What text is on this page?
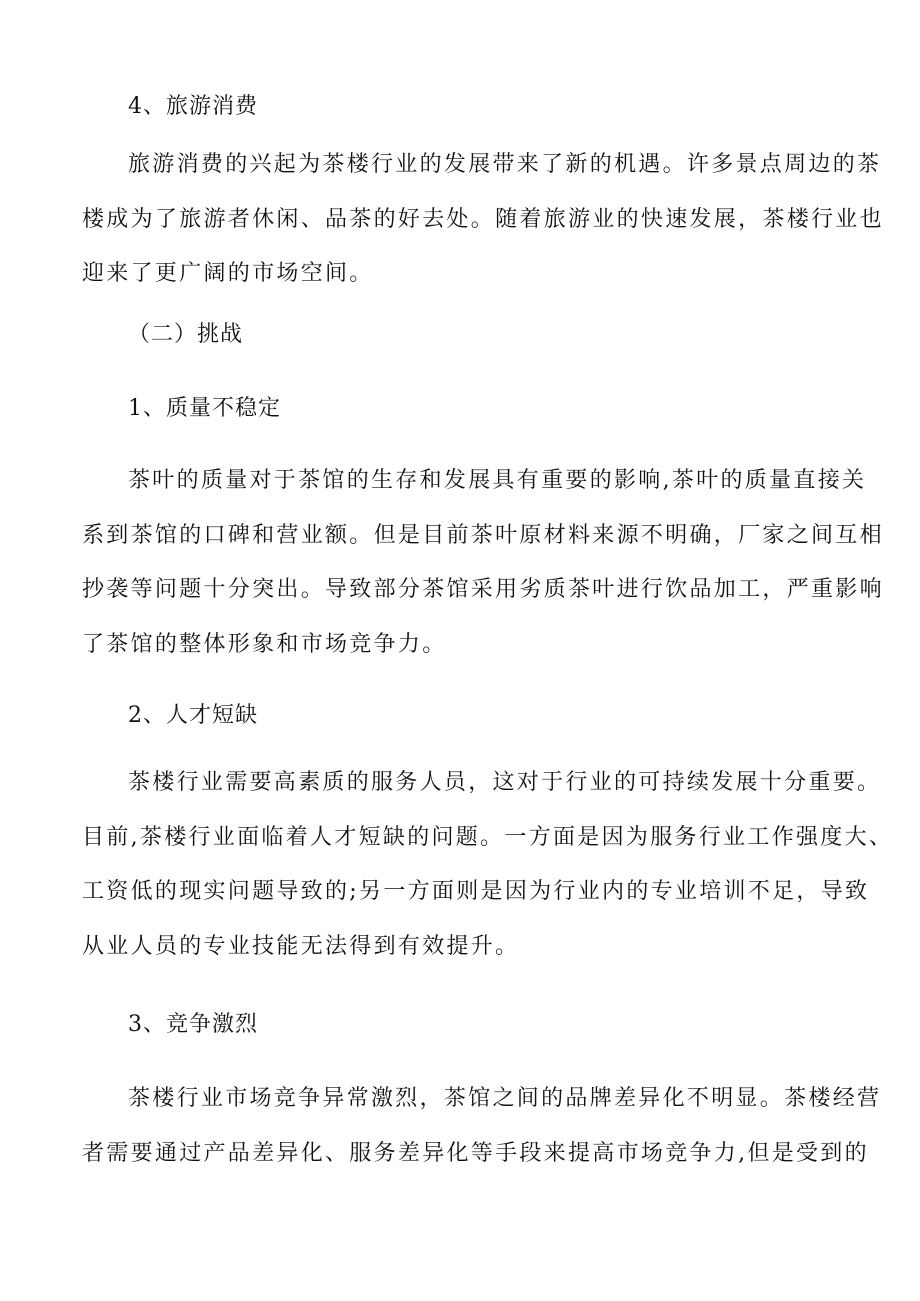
4、旅游消费
旅游消费的兴起为茶楼行业的发展带来了新的机遇。许多景点周边的茶
楼成为了旅游者休闲、品茶的好去处。随着旅游业的快速发展，茶楼行业也
迎来了更广阔的市场空间。
（二）挑战
1、质量不稳定
茶叶的质量对于茶馆的生存和发展具有重要的影响,茶叶的质量直接关
系到茶馆的口碑和营业额。但是目前茶叶原材料来源不明确，厂家之间互相
抄袭等问题十分突出。导致部分茶馆采用劣质茶叶进行饮品加工，严重影响
了茶馆的整体形象和市场竞争力。
2、人才短缺
茶楼行业需要高素质的服务人员，这对于行业的可持续发展十分重要。
目前,茶楼行业面临着人才短缺的问题。一方面是因为服务行业工作强度大、
工资低的现实问题导致的;另一方面则是因为行业内的专业培训不足，导致
从业人员的专业技能无法得到有效提升。
3、竞争激烈
茶楼行业市场竞争异常激烈，茶馆之间的品牌差异化不明显。茶楼经营
者需要通过产品差异化、服务差异化等手段来提高市场竞争力,但是受到的
